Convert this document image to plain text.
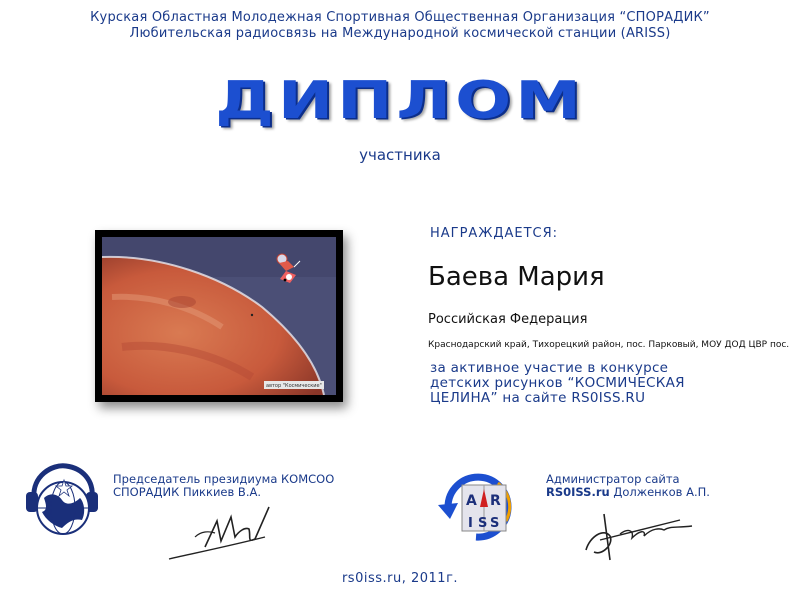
Курская Областная Молодежная Спортивная Общественная Организация “СПОРАДИК”
Любительская радиосвязь на Международной космической станции (ARISS)
ДИПЛОМ
участника
автор "Космические"
НАГРАЖДАЕТСЯ:
Баева Мария
Российская Федерация
Краснодарский край, Тихорецкий район, пос. Парковый, МОУ ДОД ЦВР пос.
за активное участие в конкурсе
детских рисунков “КОСМИЧЕСКАЯ
ЦЕЛИНА” на сайте RS0ISS.RU
Председатель президиума КОМСОО
СПОРАДИК Пиккиев В.А.
A R
I S S
Администратор сайта
RS0ISS.ru Долженков А.П.
rs0iss.ru, 2011г.
